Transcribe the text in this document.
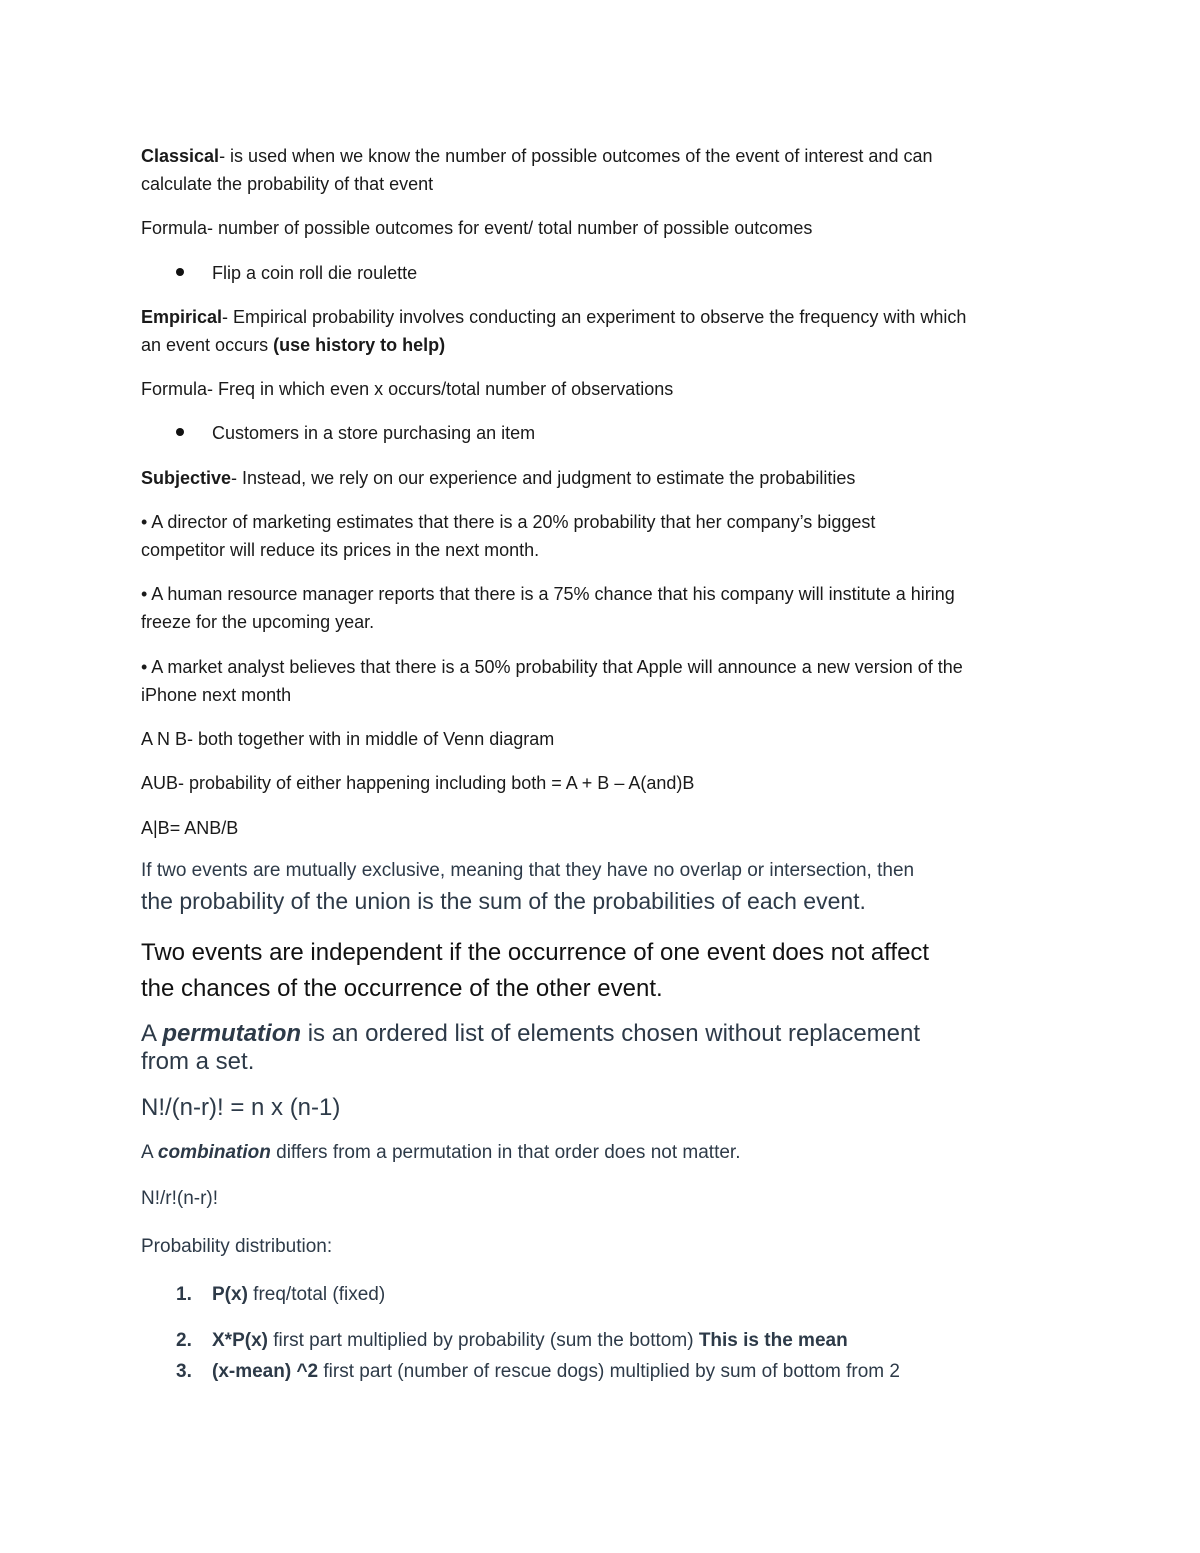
Classical- is used when we know the number of possible outcomes of the event of interest and can
calculate the probability of that event
Formula- number of possible outcomes for event/ total number of possible outcomes
Flip a coin roll die roulette
Empirical- Empirical probability involves conducting an experiment to observe the frequency with which
an event occurs (use history to help)
Formula- Freq in which even x occurs/total number of observations
Customers in a store purchasing an item
Subjective- Instead, we rely on our experience and judgment to estimate the probabilities
• A director of marketing estimates that there is a 20% probability that her company’s biggest
competitor will reduce its prices in the next month.
• A human resource manager reports that there is a 75% chance that his company will institute a hiring
freeze for the upcoming year.
• A market analyst believes that there is a 50% probability that Apple will announce a new version of the
iPhone next month
A N B- both together with in middle of Venn diagram
AUB- probability of either happening including both = A + B – A(and)B
A|B= ANB/B
If two events are mutually exclusive, meaning that they have no overlap or intersection, then
the probability of the union is the sum of the probabilities of each event.
Two events are independent if the occurrence of one event does not affect
the chances of the occurrence of the other event.
A permutation is an ordered list of elements chosen without replacement
from a set.
N!/(n-r)! = n x (n-1)
A combination differs from a permutation in that order does not matter.
N!/r!(n-r)!
Probability distribution:
1. P(x) freq/total (fixed)
2. X*P(x) first part multiplied by probability (sum the bottom) This is the mean
3. (x-mean) ^2 first part (number of rescue dogs) multiplied by sum of bottom from 2
